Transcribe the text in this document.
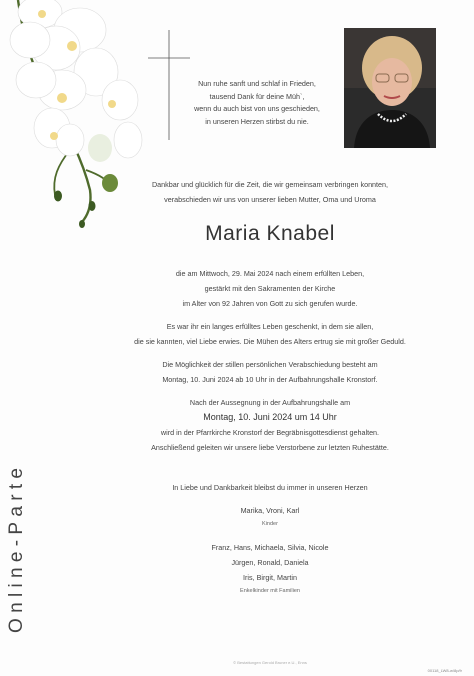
Nun ruhe sanft und schlaf in Frieden,
tausend Dank für deine Müh`,
wenn du auch bist von uns geschieden,
in unseren Herzen stirbst du nie.
Dankbar und glücklich für die Zeit, die wir gemeinsam verbringen konnten,
verabschieden wir uns von unserer lieben Mutter, Oma und Uroma
Maria Knabel
die am Mittwoch, 29. Mai 2024 nach einem erfüllten Leben,
gestärkt mit den Sakramenten der Kirche
im Alter von 92 Jahren von Gott zu sich gerufen wurde.
Es war ihr ein langes erfülltes Leben geschenkt, in dem sie allen,
die sie kannten, viel Liebe erwies. Die Mühen des Alters ertrug sie mit großer Geduld.
Die Möglichkeit der stillen persönlichen Verabschiedung besteht am
Montag, 10. Juni 2024 ab 10 Uhr in der Aufbahrungshalle Kronstorf.
Nach der Aussegnung in der Aufbahrungshalle am
Montag, 10. Juni 2024 um 14 Uhr
wird in der Pfarrkirche Kronstorf der Begräbnisgottesdienst gehalten.
Anschließend geleiten wir unsere liebe Verstorbene zur letzten Ruhestätte.
In Liebe und Dankbarkeit bleibst du immer in unseren Herzen
Marika, Vroni, Karl
Kinder
Franz, Hans, Michaela, Silvia, Nicole
Jürgen, Ronald, Daniela
Iris, Birgit, Martin
Enkelkinder mit Familien
Online-Parte
© Bestattungen Gerold Bruner e.U., Enns
00118_LW8-w/8p/fr
